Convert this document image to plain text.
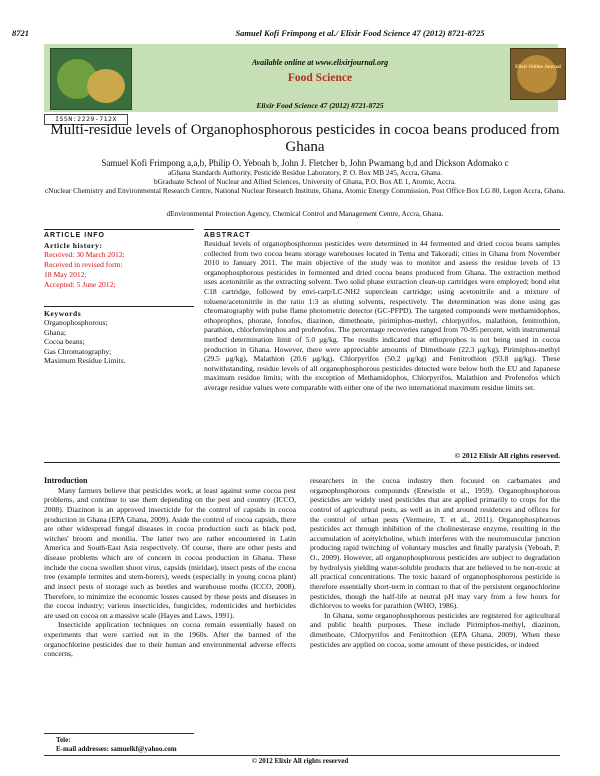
8721	Samuel Kofi Frimpong et al./ Elixir Food Science 47 (2012) 8721-8725
Elixir Online Journal
Available online at www.elixirjournal.org
Food Science
Elixir Food Science 47 (2012) 8721-8725
ISSN:2229-712X
Multi-residue levels of Organophosphorous pesticides in cocoa beans produced from Ghana
Samuel Kofi Frimpong a,a,b, Philip O. Yeboah b, John J. Fletcher b, John Pwamang b,d and Dickson Adomako c
aGhana Standards Authority, Pesticide Residue Laboratory, P. O. Box MB 245, Accra, Ghana.
bGraduate School of Nuclear and Allied Sciences, University of Ghana, P.O. Box AE 1, Atomic, Accra.
cNuclear Chemistry and Environmental Research Centre, National Nuclear Research Institute, Ghana, Atomic Energy Commission, Post Office Box LG 80, Legon Accra, Ghana.
dEnvironmental Protection Agency, Chemical Control and Management Centre, Accra, Ghana.
ARTICLE INFO
Article history:
Received: 30 March 2012;
Received in revised form:
18 May 2012;
Accepted: 5 June 2012;
Keywords
Organophosphorous;
Ghana;
Cocoa beans;
Gas Chromatography;
Maximum Residue Limits.
ABSTRACT
Residual levels of organophosphorous pesticides were determined in 44 fermented and dried cocoa beans samples collected from two cocoa beans storage warehouses located in Tema and Takoradi; cities in Ghana from November 2010 to January 2011. The main objective of the study was to monitor and assess the residue levels of 13 organophosphorous pesticides in fermented and dried cocoa beans produced from Ghana. The extraction method uses acetonitrile as the extracting solvent. Two solid phase extraction clean-up cartridges were employed; bond elut C18 cartridge, followed by envi-carp/LC-NH2 superclean cartridge; using acetonitrile and a mixture of toluene/acetonitrile in the ratio 1:3 as eluting solvents, respectively. The determination was done using gas chromatography with pulse flame photometric detector (GC-PFPD). The targeted compounds were methamidophos, ethoprophos, phorate, fonofos, diazinon, dimethoate, pirimiphos-methyl, chlorpyrifos, malathion, fenitrothion, parathion, chlorfenvinphos and profenofos. The percentage recoveries ranged from 70-95 percent, with instrumental method determination limit of 5.0 μg/kg. The results indicated that ethoprophos is not being used in cocoa production in Ghana. However, there were appreciable amounts of Dimethoate (22.3 μg/kg), Pirimiphos-methyl (29.5 μg/kg), Malathion (20.6 μg/kg), Chlorpyrifos (50.2 μg/kg) and Fenitrothion (93.8 μg/kg). These notwithstanding, residue levels of all organophosphorous pesticides detected were below both the EU and Japanese maximum residue limits; with the exception of Methamidophos, Chlorpyrifos, Malathion and Profenofos which average residue values were comparable with either one of the two international maximum residue limits set.
© 2012 Elixir All rights reserved.
Introduction

Many farmers believe that pesticides work, at least against some cocoa pest problems, and continue to use them depending on the pest and country (ICCO, 2008). Diazinon is an approved insecticide for the control of capsids in cocoa production in Ghana (EPA Ghana, 2009). Aside the control of cocoa capsids, there are other widespread fungal diseases in cocoa production such as black pod, witches' broom and monilia. The latter two are rather encountered in Latin America and South-East Asia respectively. Of course, there are other pests and disease problems which are of concern in cocoa production in Ghana. These include the cocoa swollen shoot virus, capsids (miridae), insect pests of the cocoa tree (example termites and stem-borers), weeds (especially in young cocoa plant) and insect pests of storage such as beetles and warehouse moths (ICCO, 2008). Therefore, to minimize the economic losses caused by these pests and diseases in the cocoa industry; various insecticides, fungicides, rodenticides and herbicides are used on cocoa on a massive scale (Hayes and Laws, 1991).

Insecticide application techniques on cocoa remain essentially based on experiments that were carried out in the 1960s. After the banned of the organochlorine pesticides due to their human and environmental adverse effects concerns,

researchers in the cocoa industry then focused on carbamates and organophosphorous compounds (Entwistle et al., 1959). Organophosphorous pesticides are widely used pesticides that are applied primarily to crops for the control of agricultural pests, as well as in and around residences and offices for the control of urban pests (Vermeire, T. et al., 2011). Organophosphorous pesticides act through inhibition of the cholinesterase enzyme, resulting in the accumulation of acetylcholine, which interferes with the neuromuscular junction producing rapid twitching of voluntary muscles and finally paralysis (Yeboah, P. O., 2009). However, all organophosphorous pesticides are subject to degradation by hydrolysis yielding water-soluble products that are believed to be non-toxic at all practical concentrations. The toxic hazard of organophosphorous pesticide is therefore essentially short-term in contrast to that of the persistent organochlorine pesticides, though the half-life at neutral pH may vary from a few hours for dichlorvos to weeks for parathion (WHO, 1986).

In Ghana, some organophosphorous pesticides are registered for agricultural and public health purposes. These include Pirimiphos-methyl, diazinon, dimethoate, Chlorpyrifos and Fenitrothion (EPA Ghana, 2009). When these pesticides are applied on cocoa, some amount of these pesticides, or indeed

Tele:
E-mail addresses: samuelkf@yahoo.com
© 2012 Elixir All rights reserved
